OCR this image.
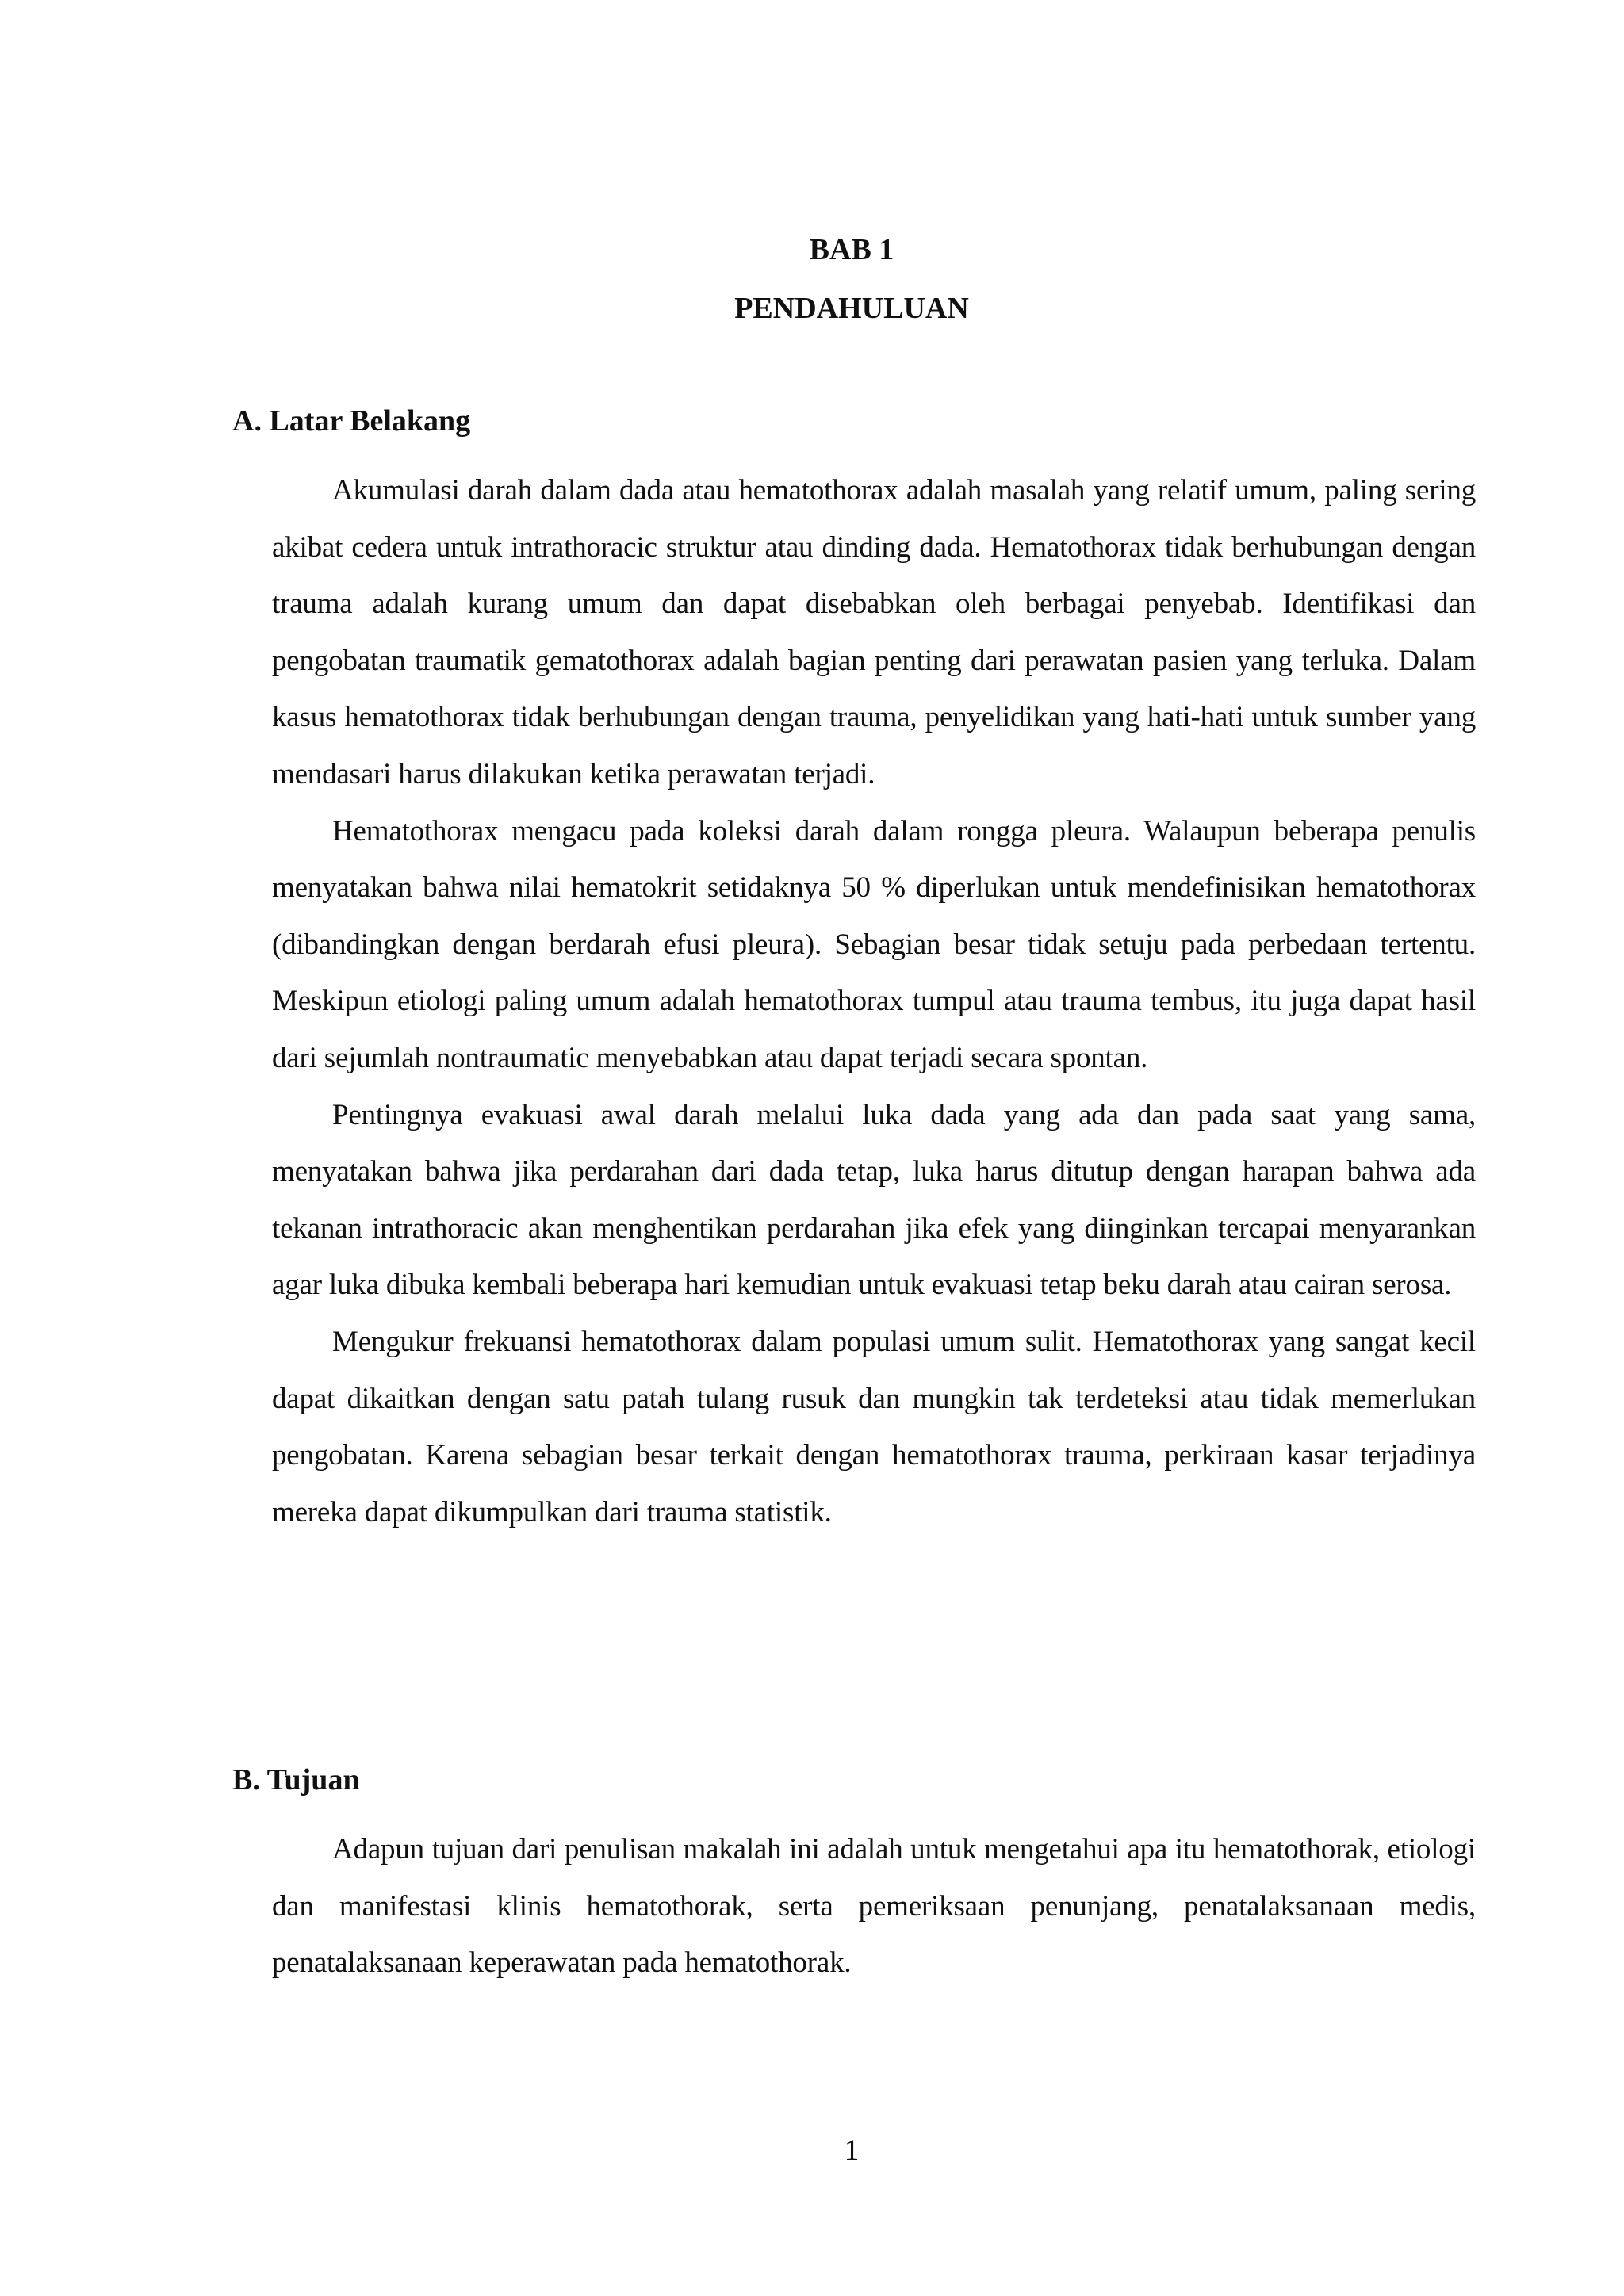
BAB 1
PENDAHULUAN
A. Latar Belakang

Akumulasi darah dalam dada atau hematothorax adalah masalah yang relatif umum, paling sering akibat cedera untuk intrathoracic struktur atau dinding dada. Hematothorax tidak berhubungan dengan trauma adalah kurang umum dan dapat disebabkan oleh berbagai penyebab. Identifikasi dan pengobatan traumatik gematothorax adalah bagian penting dari perawatan pasien yang terluka. Dalam kasus hematothorax tidak berhubungan dengan trauma, penyelidikan yang hati-hati untuk sumber yang mendasari harus dilakukan ketika perawatan terjadi.

Hematothorax mengacu pada koleksi darah dalam rongga pleura. Walaupun beberapa penulis menyatakan bahwa nilai hematokrit setidaknya 50 % diperlukan untuk mendefinisikan hematothorax (dibandingkan dengan berdarah efusi pleura). Sebagian besar tidak setuju pada perbedaan tertentu. Meskipun etiologi paling umum adalah hematothorax tumpul atau trauma tembus, itu juga dapat hasil dari sejumlah nontraumatic menyebabkan atau dapat terjadi secara spontan.

Pentingnya evakuasi awal darah melalui luka dada yang ada dan pada saat yang sama, menyatakan bahwa jika perdarahan dari dada tetap, luka harus ditutup dengan harapan bahwa ada tekanan intrathoracic akan menghentikan perdarahan jika efek yang diinginkan tercapai menyarankan agar luka dibuka kembali beberapa hari kemudian untuk evakuasi tetap beku darah atau cairan serosa.

Mengukur frekuansi hematothorax dalam populasi umum sulit. Hematothorax yang sangat kecil dapat dikaitkan dengan satu patah tulang rusuk dan mungkin tak terdeteksi atau tidak memerlukan pengobatan. Karena sebagian besar terkait dengan hematothorax trauma, perkiraan kasar terjadinya mereka dapat dikumpulkan dari trauma statistik.

B. Tujuan

Adapun tujuan dari penulisan makalah ini adalah untuk mengetahui apa itu hematothorak, etiologi dan manifestasi klinis hematothorak, serta pemeriksaan penunjang, penatalaksanaan medis, penatalaksanaan keperawatan pada hematothorak.

1
